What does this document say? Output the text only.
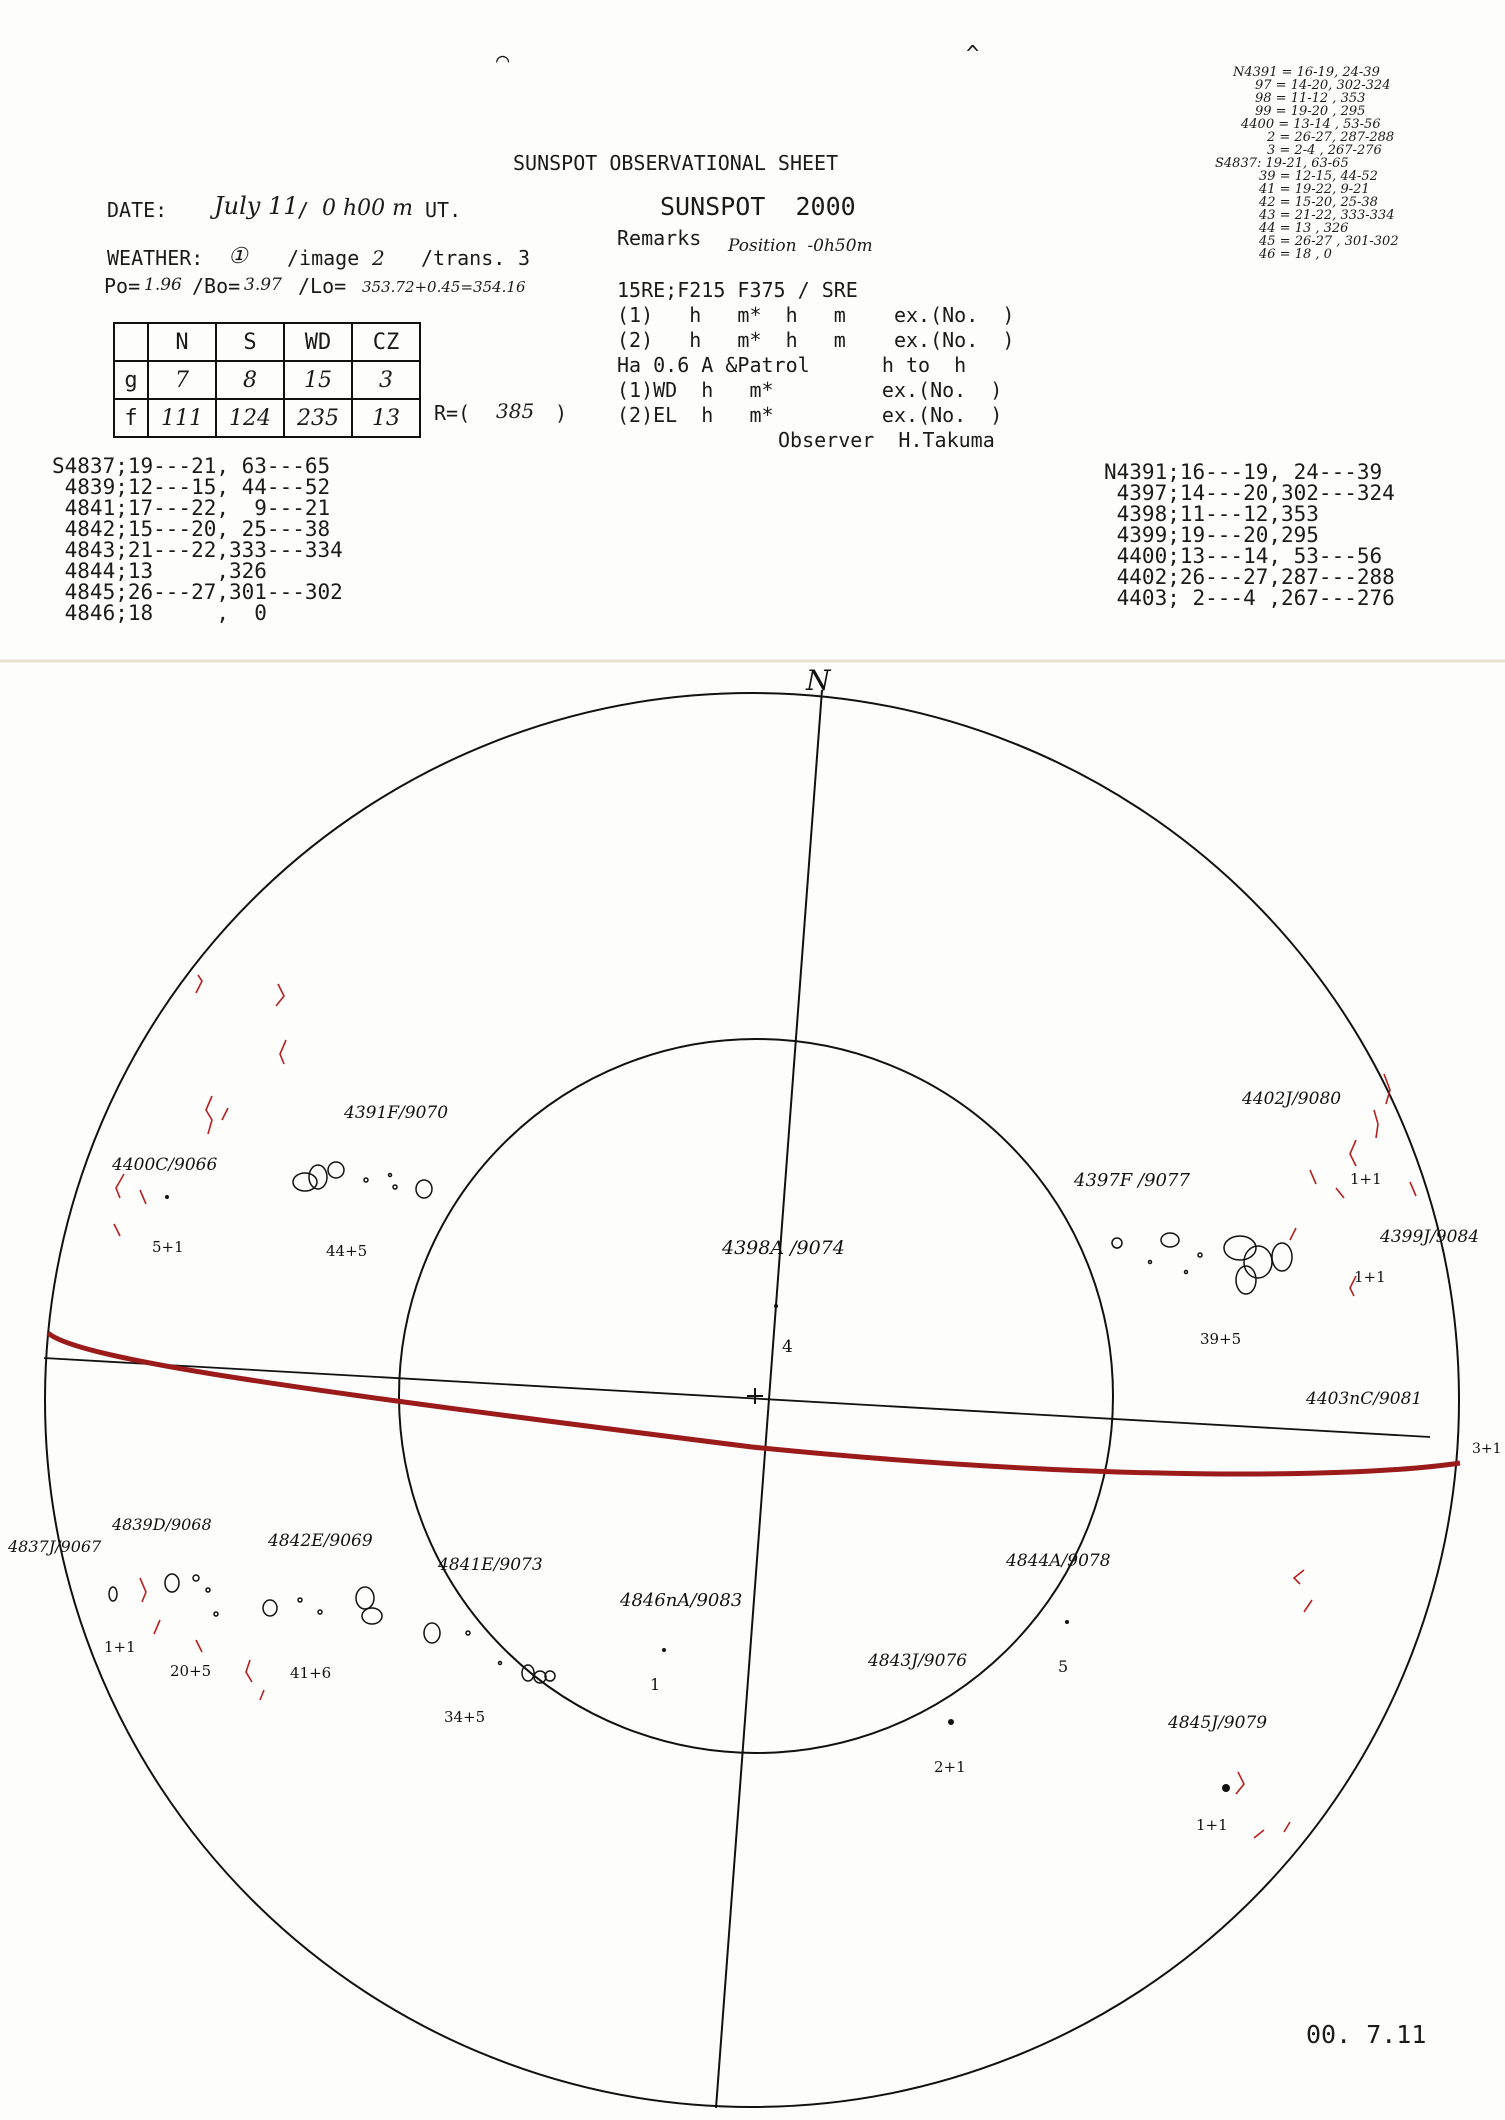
⌒	^
SUNSPOT OBSERVATIONAL SHEET
SUNSPOT  2000
DATE: July 11
/ 0 h00 m UT.
Remarks Position  -0h50m
WEATHER: ① /image 2 /trans. 3
Po= 1.96 /Bo= 3.97 /Lo= 353.72+0.45=354.16	15RE;F215 F375 / SRE
(1)   h   m*  h   m    ex.(No.  )
(2)   h   m*  h   m    ex.(No.  )
Ha 0.6 A &Patrol      h to  h
(1)WD  h   m*         ex.(No.  )
(2)EL  h   m*         ex.(No.  )
Observer  H.Takuma
	N	S	WD	CZ
g	7	8	15	3
f	111	124	235	13 R=( 385 )
N4391 = 16-19, 24-39
97 = 14-20, 302-324
98 = 11-12 , 353
99 = 19-20 , 295
4400 = 13-14 , 53-56
2 = 26-27, 287-288
3 = 2-4 , 267-276
S4837: 19-21, 63-65
39 = 12-15, 44-52
41 = 19-22, 9-21
42 = 15-20, 25-38
43 = 21-22, 333-334
44 = 13 , 326
45 = 26-27 , 301-302
46 = 18 , 0
S4837;19---21, 63---65
4839;12---15, 44---52
4841;17---22,  9---21
4842;15---20, 25---38
4843;21---22,333---334
4844;13     ,326
4845;26---27,301---302
4846;18     ,  0
N4391;16---19, 24---39
4397;14---20,302---324
4398;11---12,353
4399;19---20,295
4400;13---14, 53---56
4402;26---27,287---288
4403; 2---4 ,267---276
N
4391F/9070
44+5
4400C/9066
5+1	4398A /9074
4
4397F /9077
39+5
4402J/9080
1+1
4399J/9084
1+1
4403nC/9081
3+1
4839D/9068
20+5
4837J/9067
1+1
4842E/9069
41+6
4841E/9073
34+5
4846nA/9083
1
4844A/9078
5
4843J/9076
2+1
4845J/9079
1+1
00. 7.11
